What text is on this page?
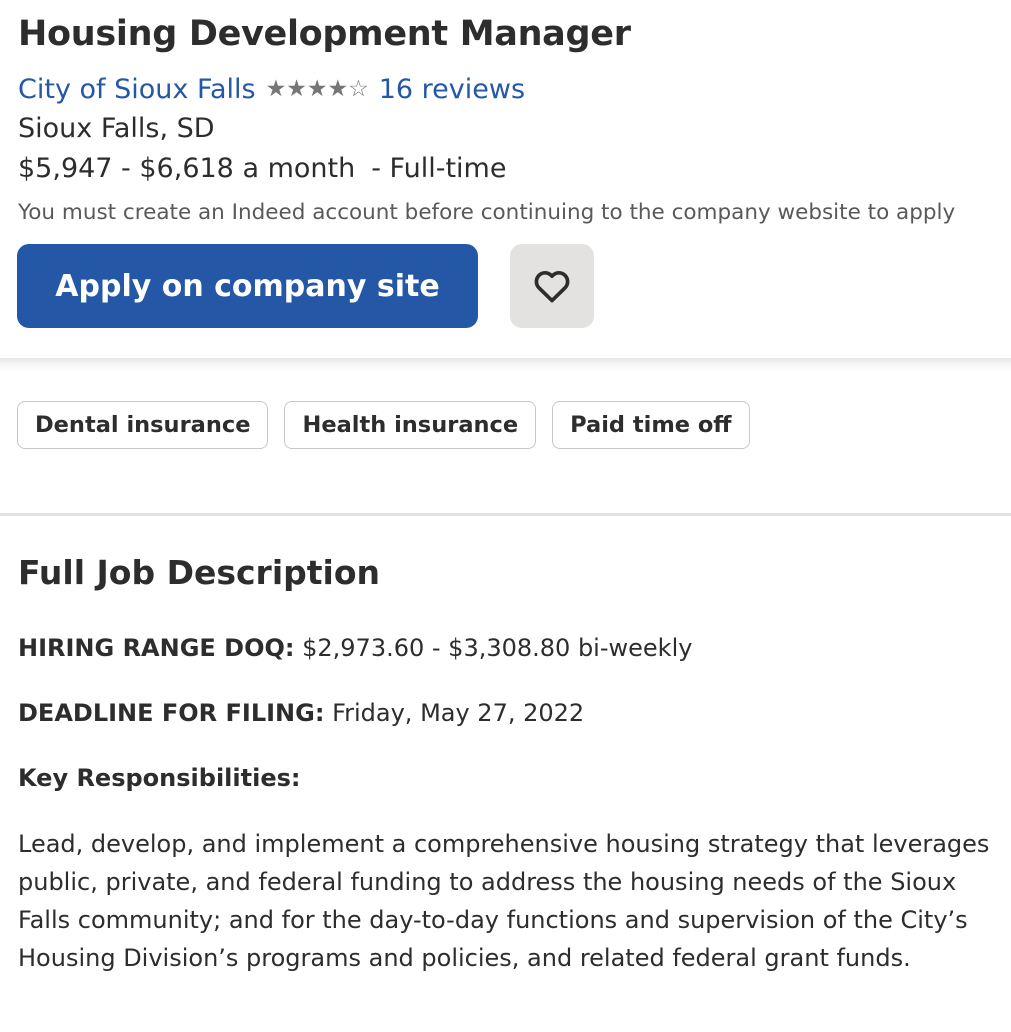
Housing Development Manager
City of Sioux Falls ★ ★ ★ ★ ☆ 16 reviews
Sioux Falls, SD
$5,947 - $6,618 a month - Full-time
You must create an Indeed account before continuing to the company website to apply
Apply on company site
Dental insurance	Health insurance	Paid time off
Full Job Description
HIRING RANGE DOQ: $2,973.60 - $3,308.80 bi-weekly
DEADLINE FOR FILING: Friday, May 27, 2022
Key Responsibilities:

Lead, develop, and implement a comprehensive housing strategy that leverages public, private, and federal funding to address the housing needs of the Sioux Falls community; and for the day-to-day functions and supervision of the City’s Housing Division’s programs and policies, and related federal grant funds.
